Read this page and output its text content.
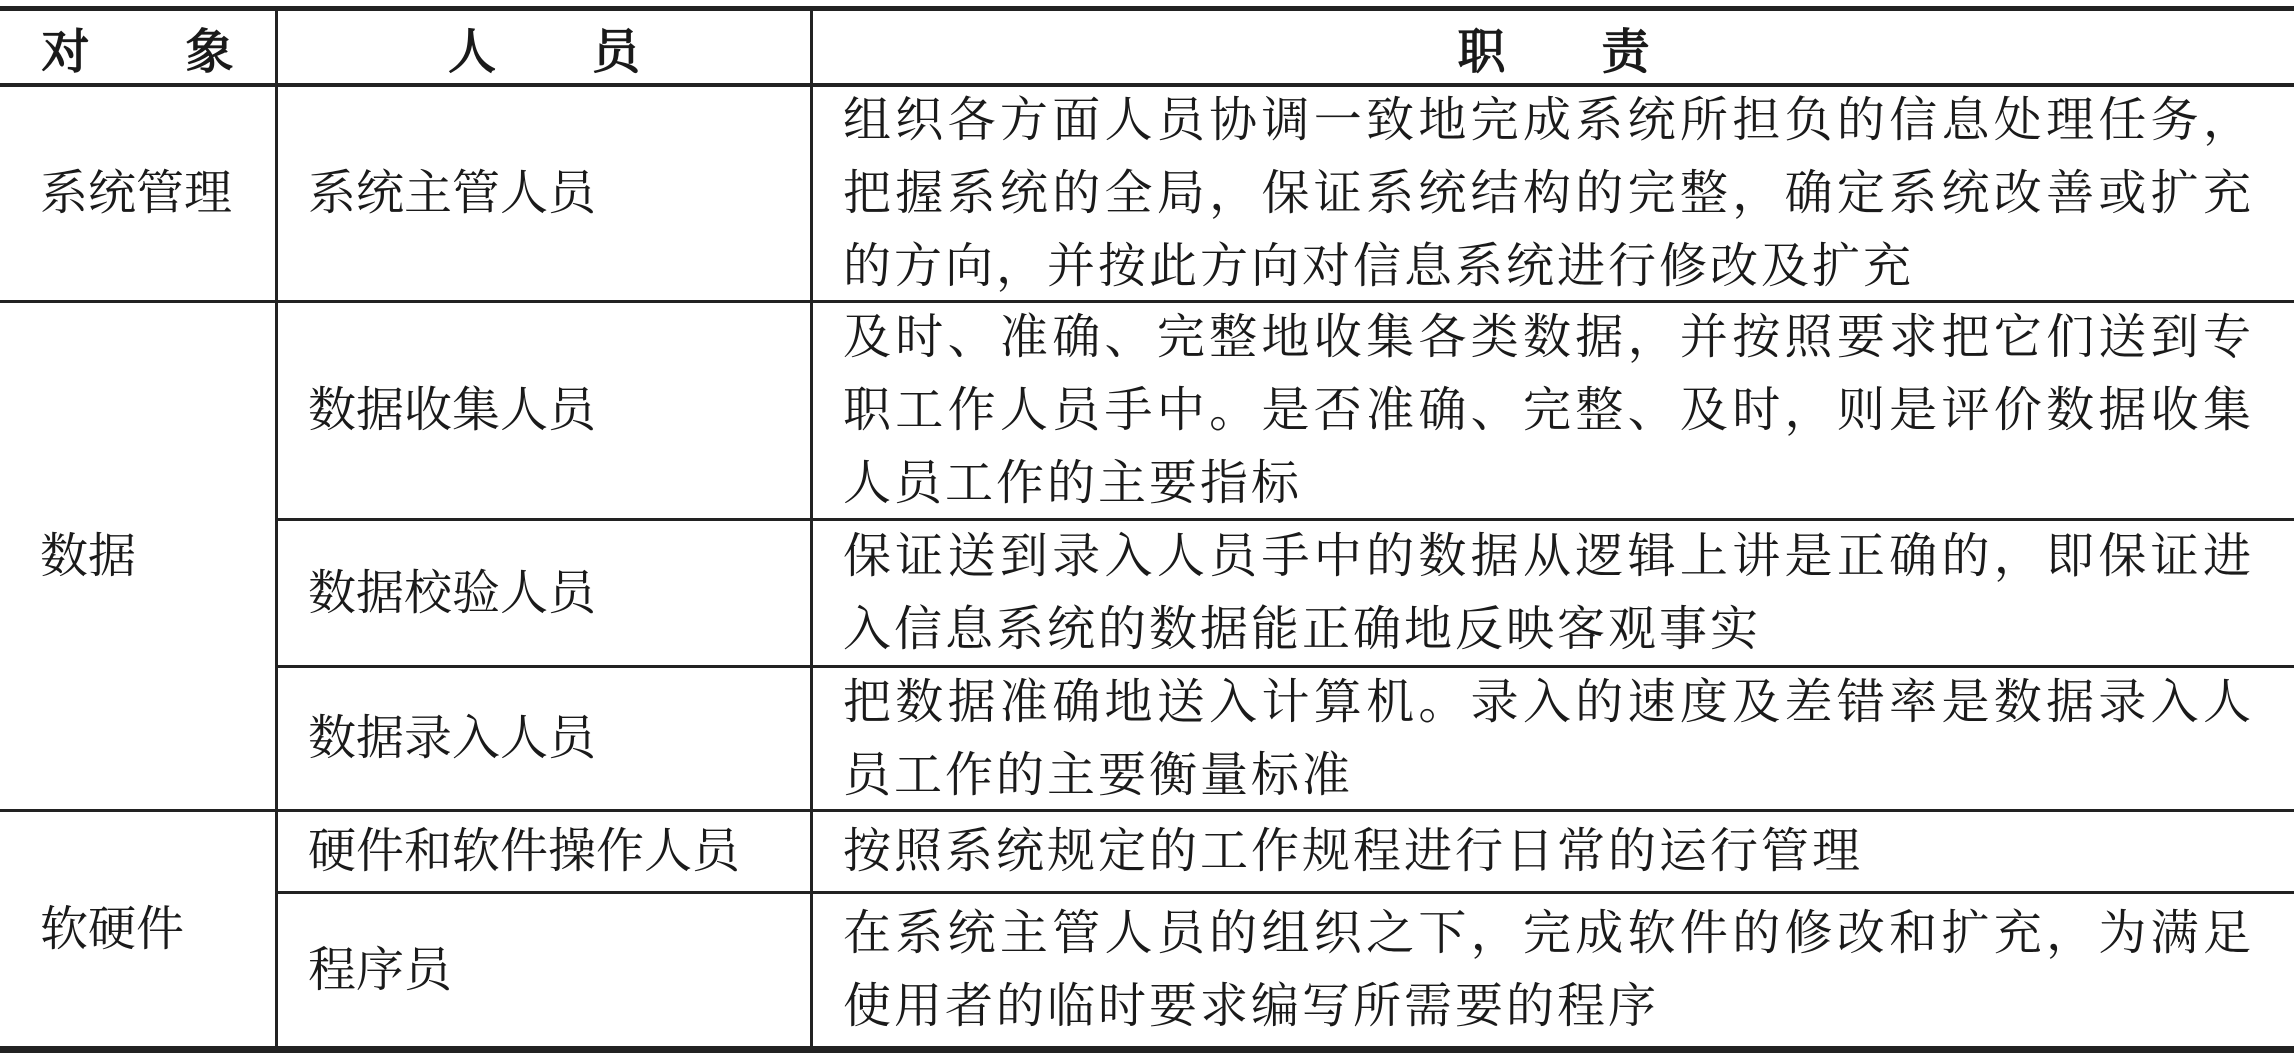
对　　象	人　　员	职　　责
系统管理
数据
软硬件
系统主管人员
数据收集人员
数据校验人员
数据录入人员
硬件和软件操作人员
程序员
组织各方面人员协调一致地完成系统所担负的信息处理任务，把握系统的全局，保证系统结构的完整，确定系统改善或扩充的方向，并按此方向对信息系统进行修改及扩充
及时、准确、完整地收集各类数据，并按照要求把它们送到专职工作人员手中。是否准确、完整、及时，则是评价数据收集人员工作的主要指标
保证送到录入人员手中的数据从逻辑上讲是正确的，即保证进入信息系统的数据能正确地反映客观事实
把数据准确地送入计算机。录入的速度及差错率是数据录入人员工作的主要衡量标准
按照系统规定的工作规程进行日常的运行管理
在系统主管人员的组织之下，完成软件的修改和扩充，为满足使用者的临时要求编写所需要的程序
